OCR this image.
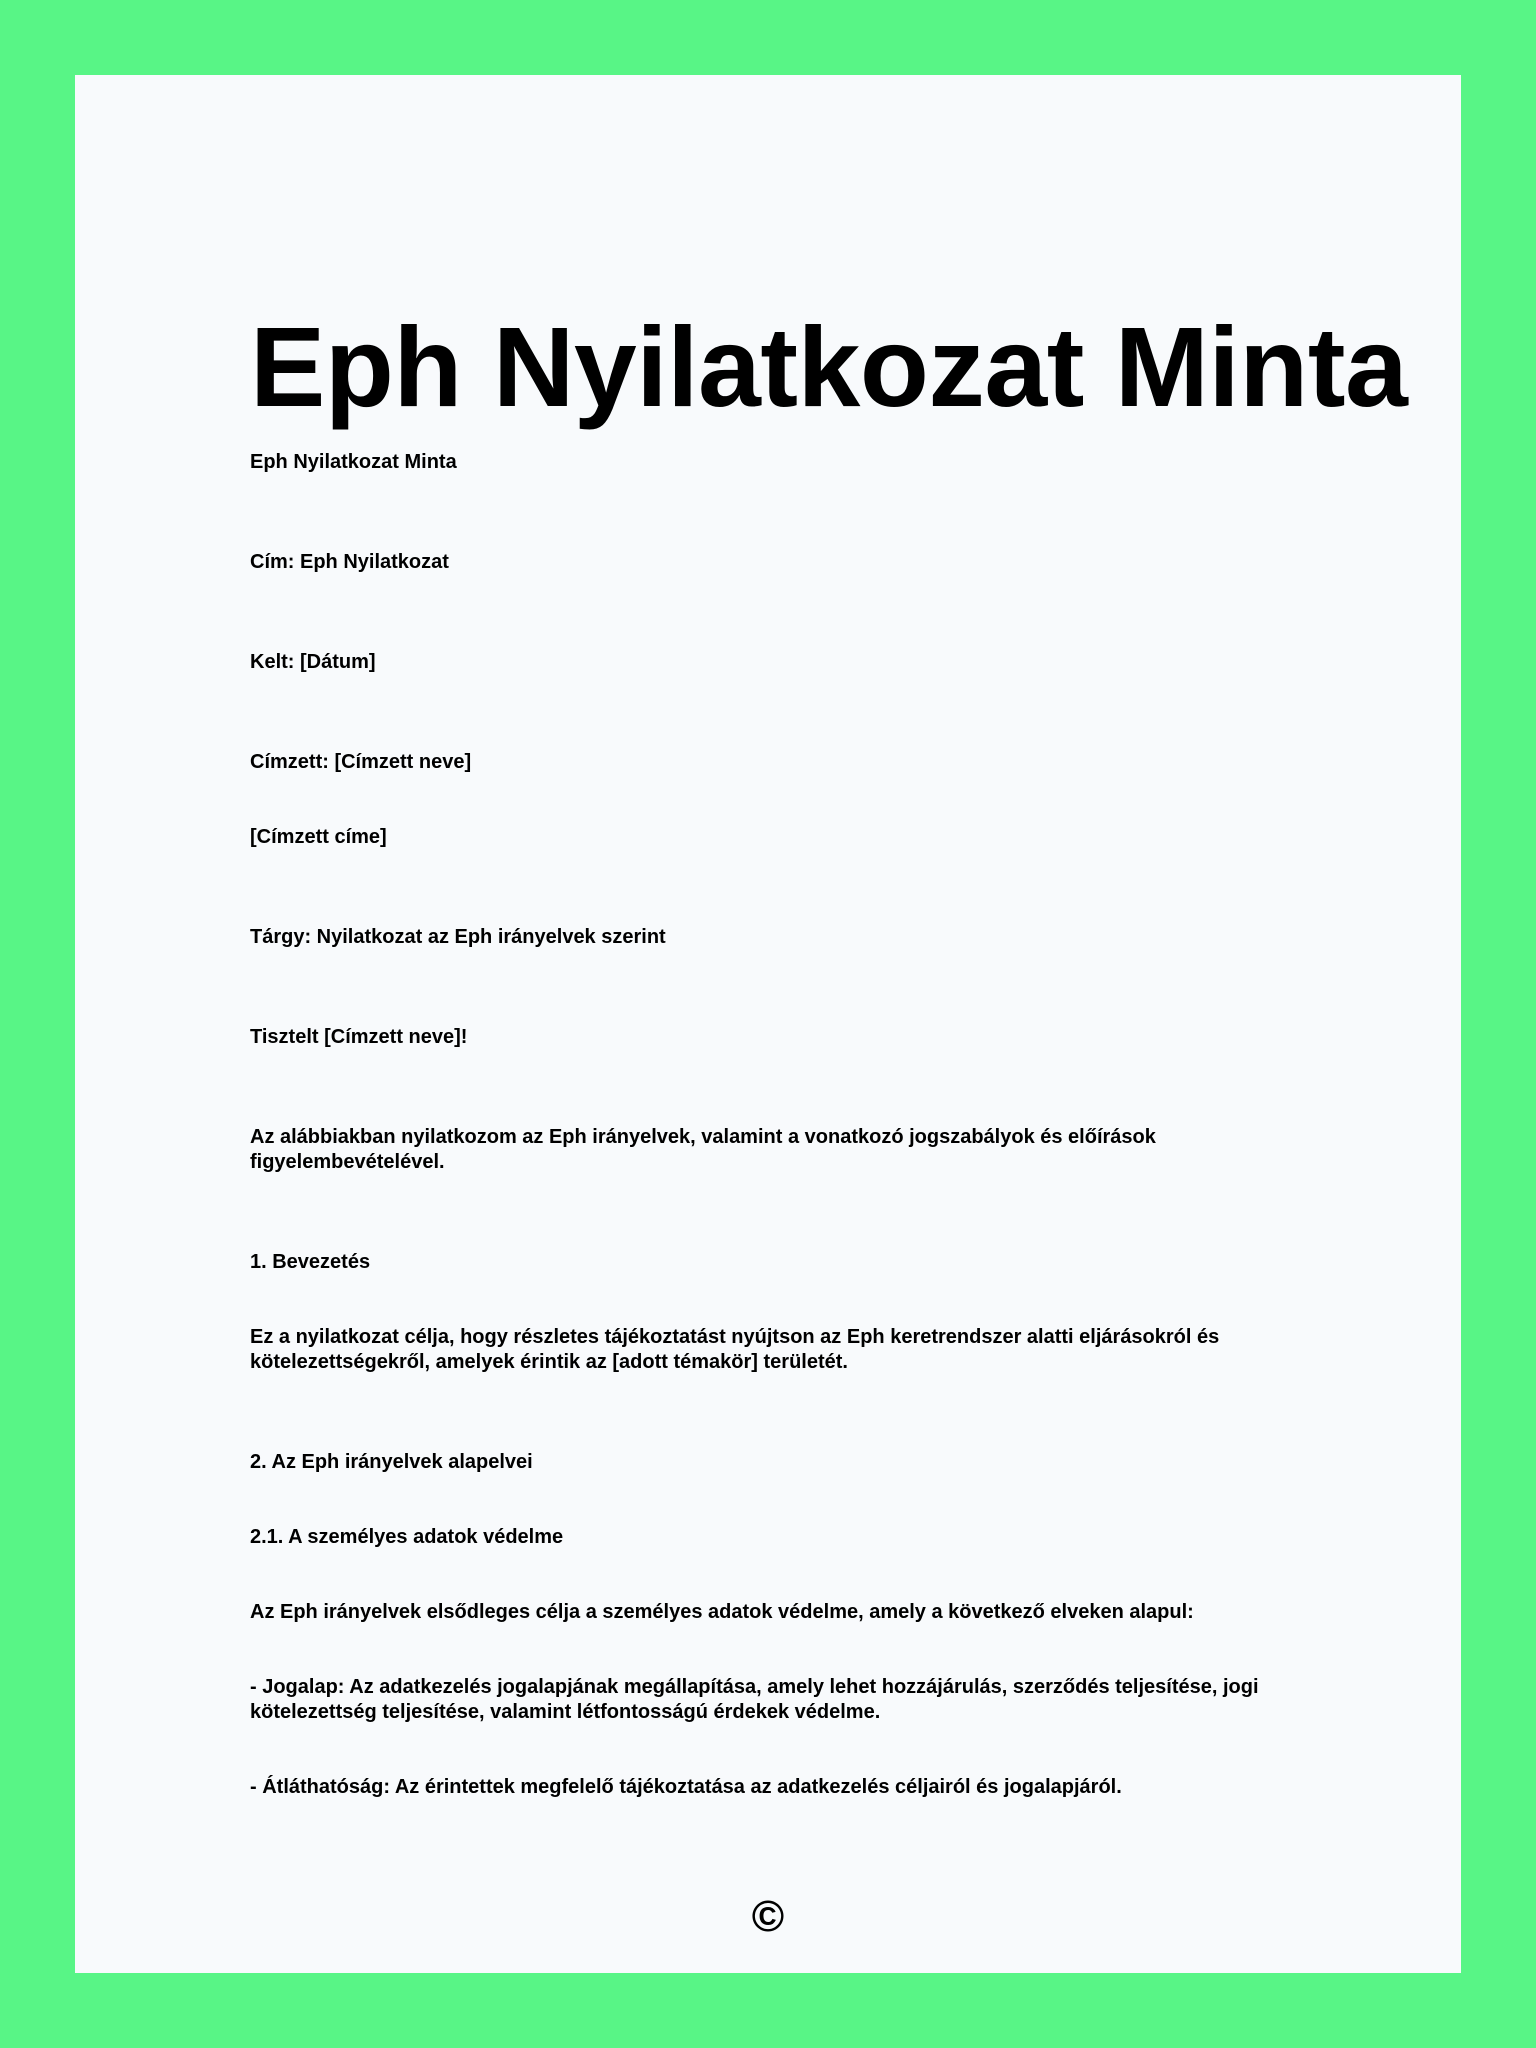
Eph Nyilatkozat Minta

Eph Nyilatkozat Minta

Cím: Eph Nyilatkozat

Kelt: [Dátum]

Címzett: [Címzett neve]

[Címzett címe]

Tárgy: Nyilatkozat az Eph irányelvek szerint

Tisztelt [Címzett neve]!

Az alábbiakban nyilatkozom az Eph irányelvek, valamint a vonatkozó jogszabályok és előírások figyelembevételével.

1. Bevezetés

Ez a nyilatkozat célja, hogy részletes tájékoztatást nyújtson az Eph keretrendszer alatti eljárásokról és kötelezettségekről, amelyek érintik az [adott témakör] területét.

2. Az Eph irányelvek alapelvei

2.1. A személyes adatok védelme

Az Eph irányelvek elsődleges célja a személyes adatok védelme, amely a következő elveken alapul:

- Jogalap: Az adatkezelés jogalapjának megállapítása, amely lehet hozzájárulás, szerződés teljesítése, jogi kötelezettség teljesítése, valamint létfontosságú érdekek védelme.

- Átláthatóság: Az érintettek megfelelő tájékoztatása az adatkezelés céljairól és jogalapjáról.

©
